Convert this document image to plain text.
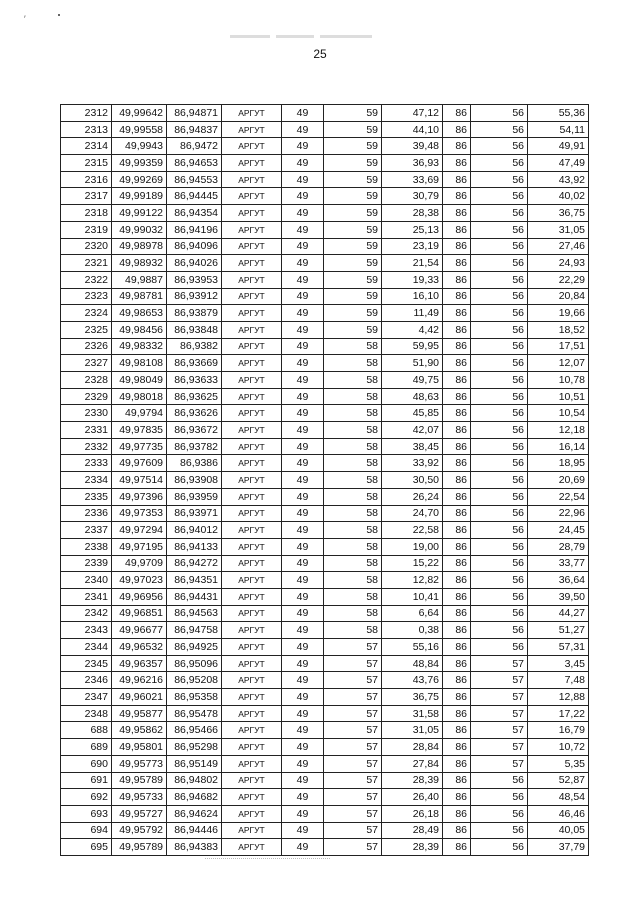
′
25
2312	49,99642	86,94871	АРГУТ	49	59	47,12	86	56	55,36
2313	49,99558	86,94837	АРГУТ	49	59	44,10	86	56	54,11
2314	49,9943	86,9472	АРГУТ	49	59	39,48	86	56	49,91
2315	49,99359	86,94653	АРГУТ	49	59	36,93	86	56	47,49
2316	49,99269	86,94553	АРГУТ	49	59	33,69	86	56	43,92
2317	49,99189	86,94445	АРГУТ	49	59	30,79	86	56	40,02
2318	49,99122	86,94354	АРГУТ	49	59	28,38	86	56	36,75
2319	49,99032	86,94196	АРГУТ	49	59	25,13	86	56	31,05
2320	49,98978	86,94096	АРГУТ	49	59	23,19	86	56	27,46
2321	49,98932	86,94026	АРГУТ	49	59	21,54	86	56	24,93
2322	49,9887	86,93953	АРГУТ	49	59	19,33	86	56	22,29
2323	49,98781	86,93912	АРГУТ	49	59	16,10	86	56	20,84
2324	49,98653	86,93879	АРГУТ	49	59	11,49	86	56	19,66
2325	49,98456	86,93848	АРГУТ	49	59	4,42	86	56	18,52
2326	49,98332	86,9382	АРГУТ	49	58	59,95	86	56	17,51
2327	49,98108	86,93669	АРГУТ	49	58	51,90	86	56	12,07
2328	49,98049	86,93633	АРГУТ	49	58	49,75	86	56	10,78
2329	49,98018	86,93625	АРГУТ	49	58	48,63	86	56	10,51
2330	49,9794	86,93626	АРГУТ	49	58	45,85	86	56	10,54
2331	49,97835	86,93672	АРГУТ	49	58	42,07	86	56	12,18
2332	49,97735	86,93782	АРГУТ	49	58	38,45	86	56	16,14
2333	49,97609	86,9386	АРГУТ	49	58	33,92	86	56	18,95
2334	49,97514	86,93908	АРГУТ	49	58	30,50	86	56	20,69
2335	49,97396	86,93959	АРГУТ	49	58	26,24	86	56	22,54
2336	49,97353	86,93971	АРГУТ	49	58	24,70	86	56	22,96
2337	49,97294	86,94012	АРГУТ	49	58	22,58	86	56	24,45
2338	49,97195	86,94133	АРГУТ	49	58	19,00	86	56	28,79
2339	49,9709	86,94272	АРГУТ	49	58	15,22	86	56	33,77
2340	49,97023	86,94351	АРГУТ	49	58	12,82	86	56	36,64
2341	49,96956	86,94431	АРГУТ	49	58	10,41	86	56	39,50
2342	49,96851	86,94563	АРГУТ	49	58	6,64	86	56	44,27
2343	49,96677	86,94758	АРГУТ	49	58	0,38	86	56	51,27
2344	49,96532	86,94925	АРГУТ	49	57	55,16	86	56	57,31
2345	49,96357	86,95096	АРГУТ	49	57	48,84	86	57	3,45
2346	49,96216	86,95208	АРГУТ	49	57	43,76	86	57	7,48
2347	49,96021	86,95358	АРГУТ	49	57	36,75	86	57	12,88
2348	49,95877	86,95478	АРГУТ	49	57	31,58	86	57	17,22
688	49,95862	86,95466	АРГУТ	49	57	31,05	86	57	16,79
689	49,95801	86,95298	АРГУТ	49	57	28,84	86	57	10,72
690	49,95773	86,95149	АРГУТ	49	57	27,84	86	57	5,35
691	49,95789	86,94802	АРГУТ	49	57	28,39	86	56	52,87
692	49,95733	86,94682	АРГУТ	49	57	26,40	86	56	48,54
693	49,95727	86,94624	АРГУТ	49	57	26,18	86	56	46,46
694	49,95792	86,94446	АРГУТ	49	57	28,49	86	56	40,05
695	49,95789	86,94383	АРГУТ	49	57	28,39	86	56	37,79
